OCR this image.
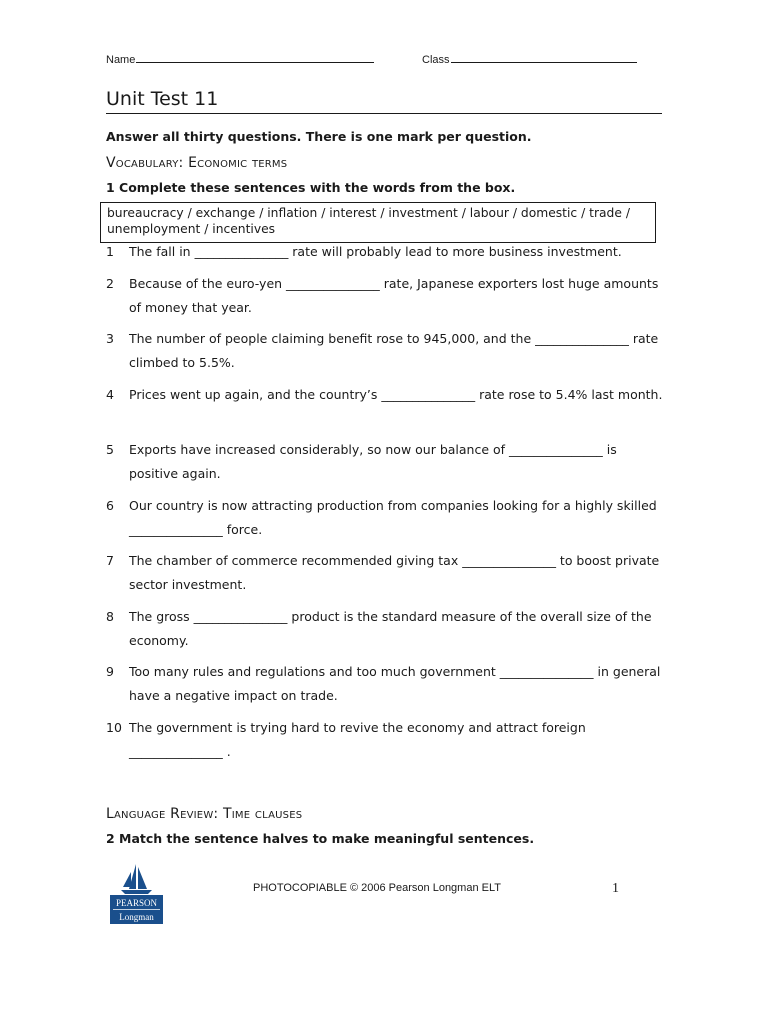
Name	Class
Unit Test 11
Answer all thirty questions. There is one mark per question.
Vocabulary: Economic terms
1 Complete these sentences with the words from the box.
bureaucracy / exchange / inflation / interest / investment / labour / domestic / trade / unemployment / incentives
1	The fall in _______________ rate will probably lead to more business investment.
2	Because of the euro-yen _______________ rate, Japanese exporters lost huge amounts of money that year.
3	The number of people claiming benefit rose to 945,000, and the _______________ rate climbed to 5.5%.
4	Prices went up again, and the country’s _______________ rate rose to 5.4% last month.
5	Exports have increased considerably, so now our balance of _______________ is positive again.
6	Our country is now attracting production from companies looking for a highly skilled _______________ force.
7	The chamber of commerce recommended giving tax _______________ to boost private sector investment.
8	The gross _______________ product is the standard measure of the overall size of the economy.
9	Too many rules and regulations and too much government _______________ in general have a negative impact on trade.
10 The government is trying hard to revive the economy and attract foreign _______________ .
Language Review: Time clauses
2 Match the sentence halves to make meaningful sentences.
PEARSON
Longman
PHOTOCOPIABLE © 2006 Pearson Longman ELT	1
